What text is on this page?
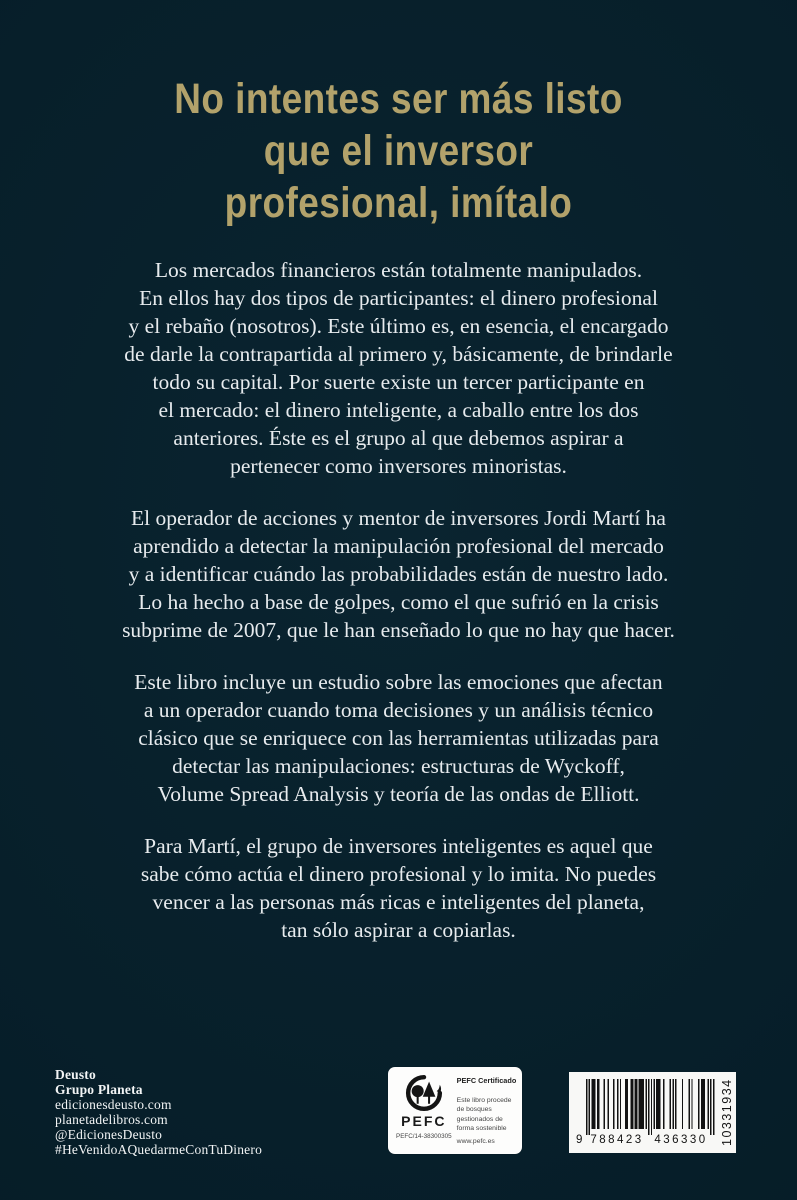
No intentes ser más listo
que el inversor
profesional, imítalo
Los mercados financieros están totalmente manipulados.
En ellos hay dos tipos de participantes: el dinero profesional
y el rebaño (nosotros). Este último es, en esencia, el encargado
de darle la contrapartida al primero y, básicamente, de brindarle
todo su capital. Por suerte existe un tercer participante en
el mercado: el dinero inteligente, a caballo entre los dos
anteriores. Éste es el grupo al que debemos aspirar a
pertenecer como inversores minoristas.
El operador de acciones y mentor de inversores Jordi Martí ha
aprendido a detectar la manipulación profesional del mercado
y a identificar cuándo las probabilidades están de nuestro lado.
Lo ha hecho a base de golpes, como el que sufrió en la crisis
subprime de 2007, que le han enseñado lo que no hay que hacer.
Este libro incluye un estudio sobre las emociones que afectan
a un operador cuando toma decisiones y un análisis técnico
clásico que se enriquece con las herramientas utilizadas para
detectar las manipulaciones: estructuras de Wyckoff,
Volume Spread Analysis y teoría de las ondas de Elliott.
Para Martí, el grupo de inversores inteligentes es aquel que
sabe cómo actúa el dinero profesional y lo imita. No puedes
vencer a las personas más ricas e inteligentes del planeta,
tan sólo aspirar a copiarlas.
Deusto
Grupo Planeta
edicionesdeusto.com
planetadelibros.com
@EdicionesDeusto
#HeVenidoAQuedarmeConTuDinero
PEFC
PEFC/14-38300305
PEFC Certificado
Este libro procede de bosques gestionados de forma sostenible
www.pefc.es	9 788423 436330 10331934
